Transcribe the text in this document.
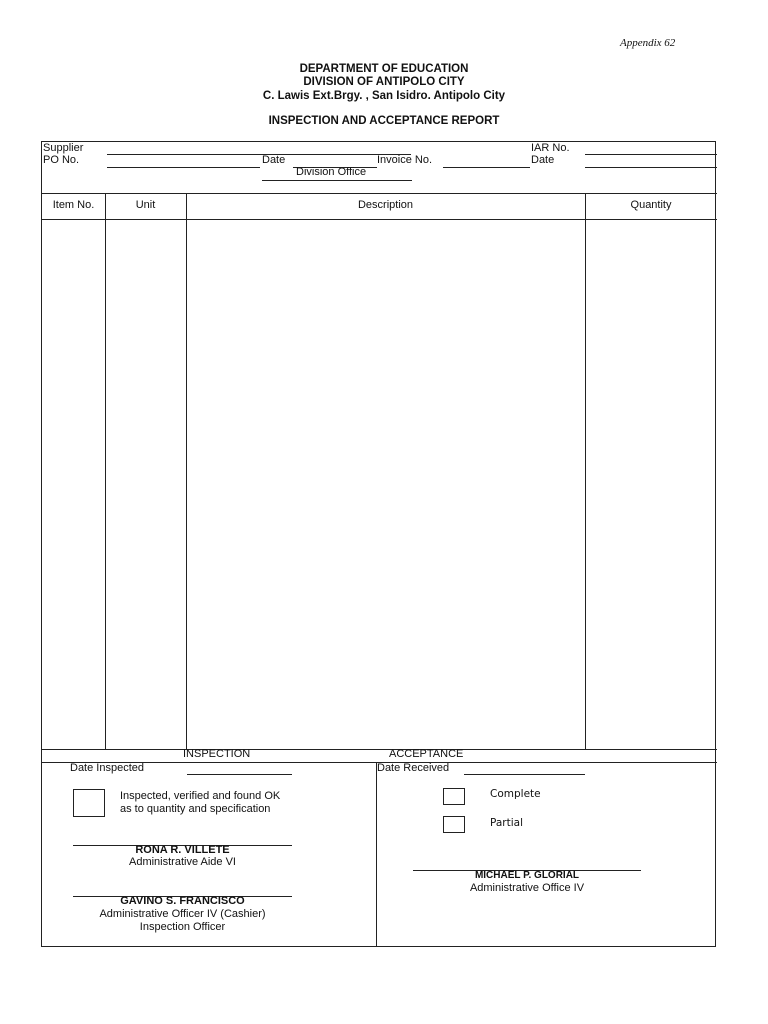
Appendix 62
DEPARTMENT OF EDUCATION
DIVISION OF ANTIPOLO CITY
C. Lawis Ext.Brgy. , San Isidro. Antipolo City
INSPECTION AND ACCEPTANCE REPORT
Supplier
PO No.	Date	Invoice No.
Division Office
IAR No.
Date
Item No.	Unit	Description	Quantity
INSPECTION	ACCEPTANCE
Date Inspected
Inspected, verified and found OK
as to quantity and specification
RONA R. VILLETE
Administrative Aide VI
GAVINO S. FRANCISCO
Administrative Officer IV (Cashier)
Inspection Officer
Date Received
Complete
Partial
MICHAEL P. GLORIAL
Administrative Office IV
